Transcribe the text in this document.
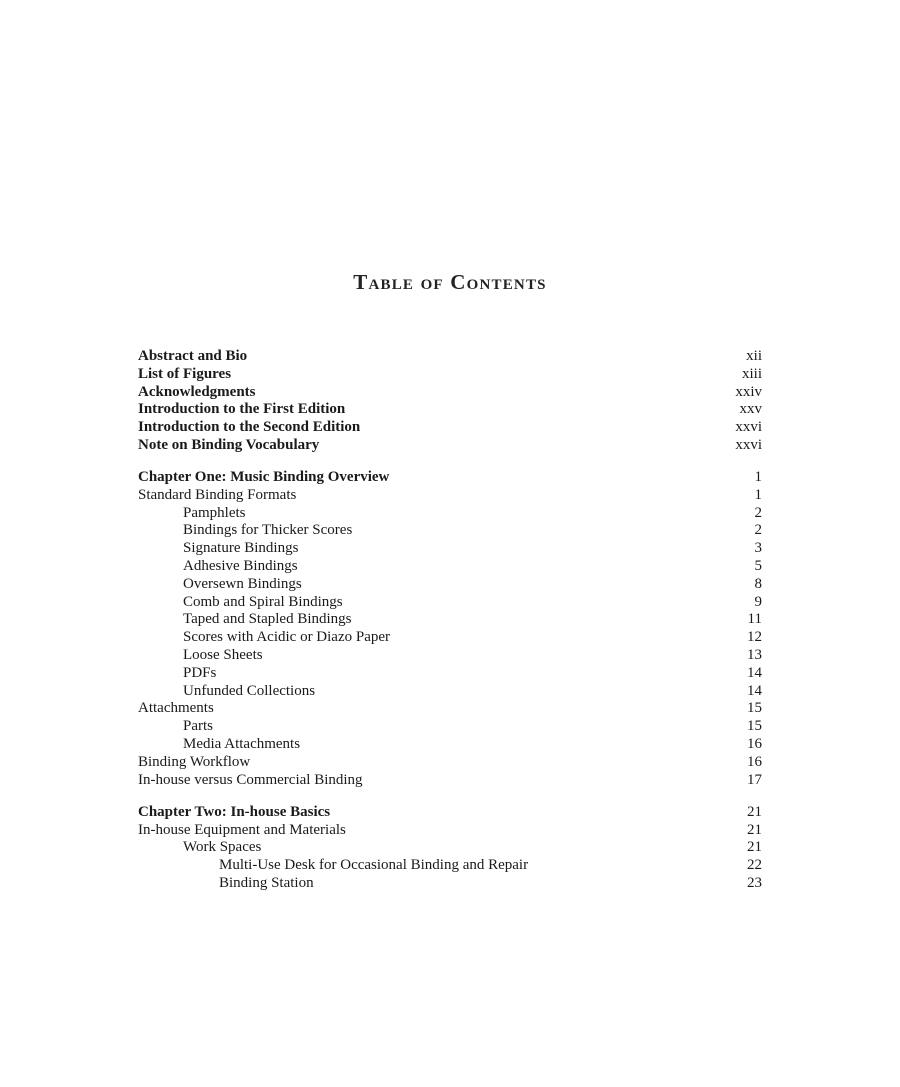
Table of Contents
Abstract and Bio	xii
List of Figures	xiii
Acknowledgments	xxiv
Introduction to the First Edition	xxv
Introduction to the Second Edition	xxvi
Note on Binding Vocabulary	xxvi
Chapter One: Music Binding Overview	1
Standard Binding Formats	1
Pamphlets	2
Bindings for Thicker Scores	2
Signature Bindings	3
Adhesive Bindings	5
Oversewn Bindings	8
Comb and Spiral Bindings	9
Taped and Stapled Bindings	11
Scores with Acidic or Diazo Paper	12
Loose Sheets	13
PDFs	14
Unfunded Collections	14
Attachments	15
Parts	15
Media Attachments	16
Binding Workflow	16
In-house versus Commercial Binding	17
Chapter Two: In-house Basics	21
In-house Equipment and Materials	21
Work Spaces	21
Multi-Use Desk for Occasional Binding and Repair	22
Binding Station	23
